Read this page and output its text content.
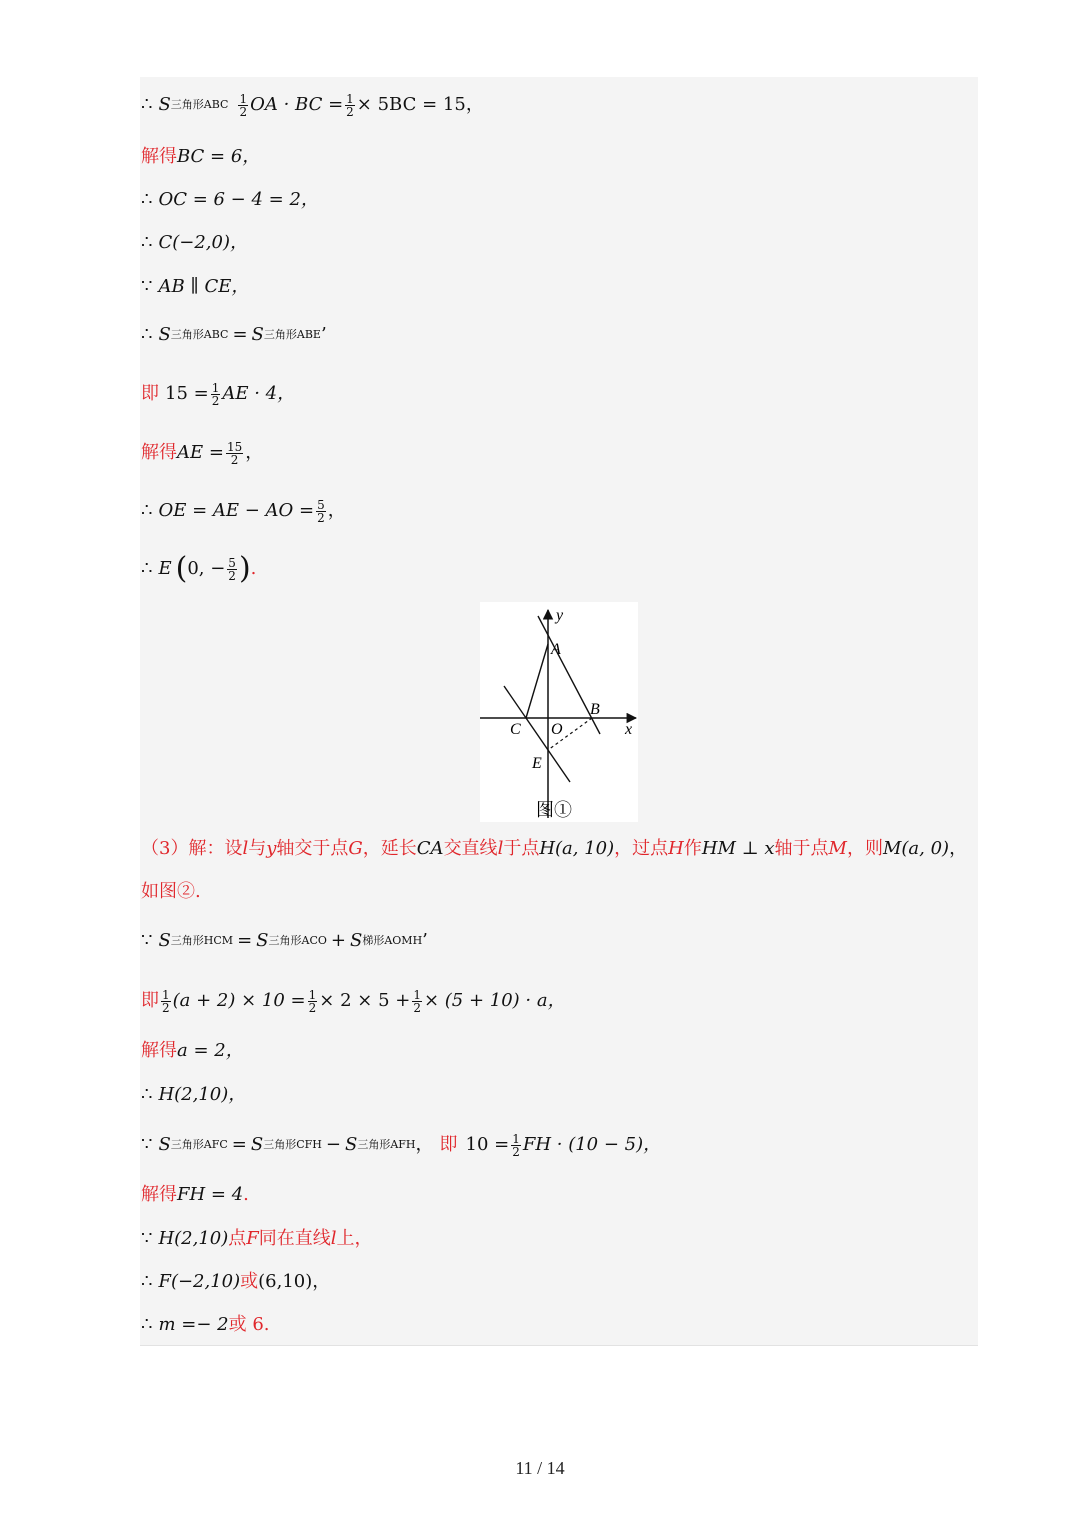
∴ S 三角形ABC $\frac{1}{2}$ OA · BC = $\frac{1}{2} \times 5BC = 15$，
解得 BC = 6，
∴ OC = 6 − 4 = 2，
∴ C(−2,0)，
∵ AB ∥ CE，
∴ S 三角形ABC = S 三角形ABE ’
即 $15 = \frac{1}{2}$ AE · 4，
解得 AE = $\frac{15}{2}$ ，
∴ OE = AE − AO = $\frac{5}{2}$ ，
∴ E ( 0, − $\frac{5}{2}$ ) .
y
A
B
x
C O
E
图①
（3）解：设 l 与 y 轴交于点 G ，延长 CA 交直线 l 于点 H(a, 10) ，过点 H 作 HM ⊥ x 轴于点 M ，则 M(a, 0) ，
如图②.
∵ S 三角形HCM = S 三角形ACO + S 梯形AOMH ’
即 $\frac{1}{2} (a + 2) \times 10 = \frac{1}{2} \times 2 \times 5 + \frac{1}{2} \times (5 + 10) \cdot a$，
解得 a = 2，
∴ H(2,10)，
∵ S 三角形AFC = S 三角形CFH − S 三角形AFH ， 即 $10 = \frac{1}{2}$ FH · (10 − 5)，
解得 FH = 4 .
∵ H(2,10) 点 F 同在直线 l 上，
∴ F(−2,10) 或 (6,10) ，
∴ m =− 2 或 6.
11 / 14
